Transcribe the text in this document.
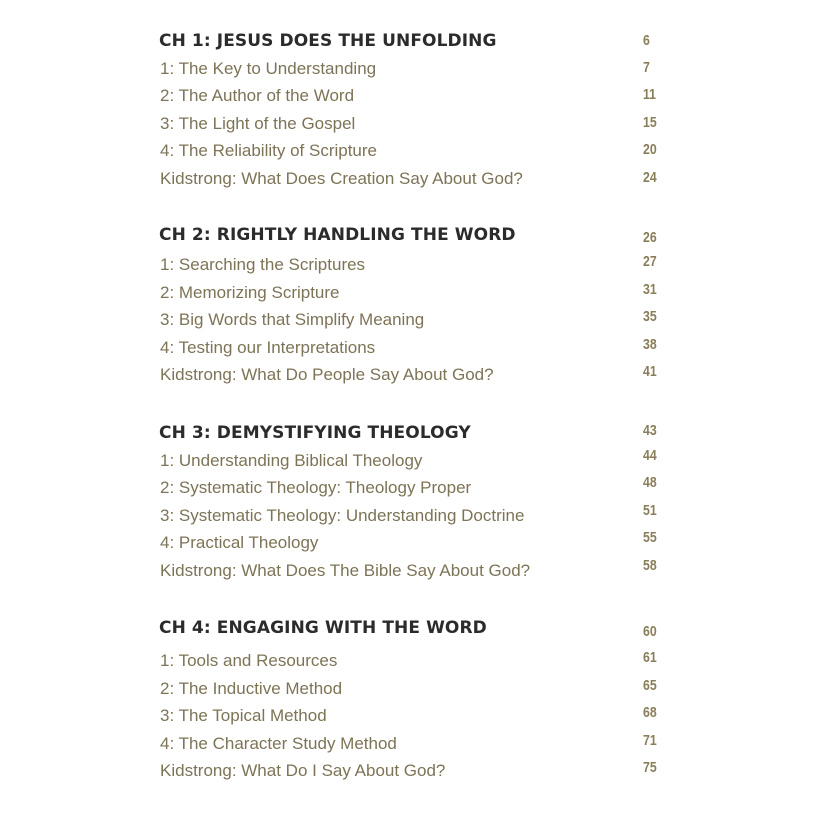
CH 1: JESUS DOES THE UNFOLDING	6
1: The Key to Understanding	7
2: The Author of the Word	11
3: The Light of the Gospel	15
4: The Reliability of Scripture	20
Kidstrong: What Does Creation Say About God?	24
CH 2: RIGHTLY HANDLING THE WORD	26
1: Searching the Scriptures	27
2: Memorizing Scripture	31
3: Big Words that Simplify Meaning	35
4: Testing our Interpretations	38
Kidstrong: What Do People Say About God?	41
CH 3: DEMYSTIFYING THEOLOGY	43
1: Understanding Biblical Theology	44
2: Systematic Theology: Theology Proper	48
3: Systematic Theology: Understanding Doctrine	51
4: Practical Theology	55
Kidstrong: What Does The Bible Say About God?	58
CH 4: ENGAGING WITH THE WORD	60
1: Tools and Resources	61
2: The Inductive Method	65
3: The Topical Method	68
4: The Character Study Method	71
Kidstrong: What Do I Say About God?	75
